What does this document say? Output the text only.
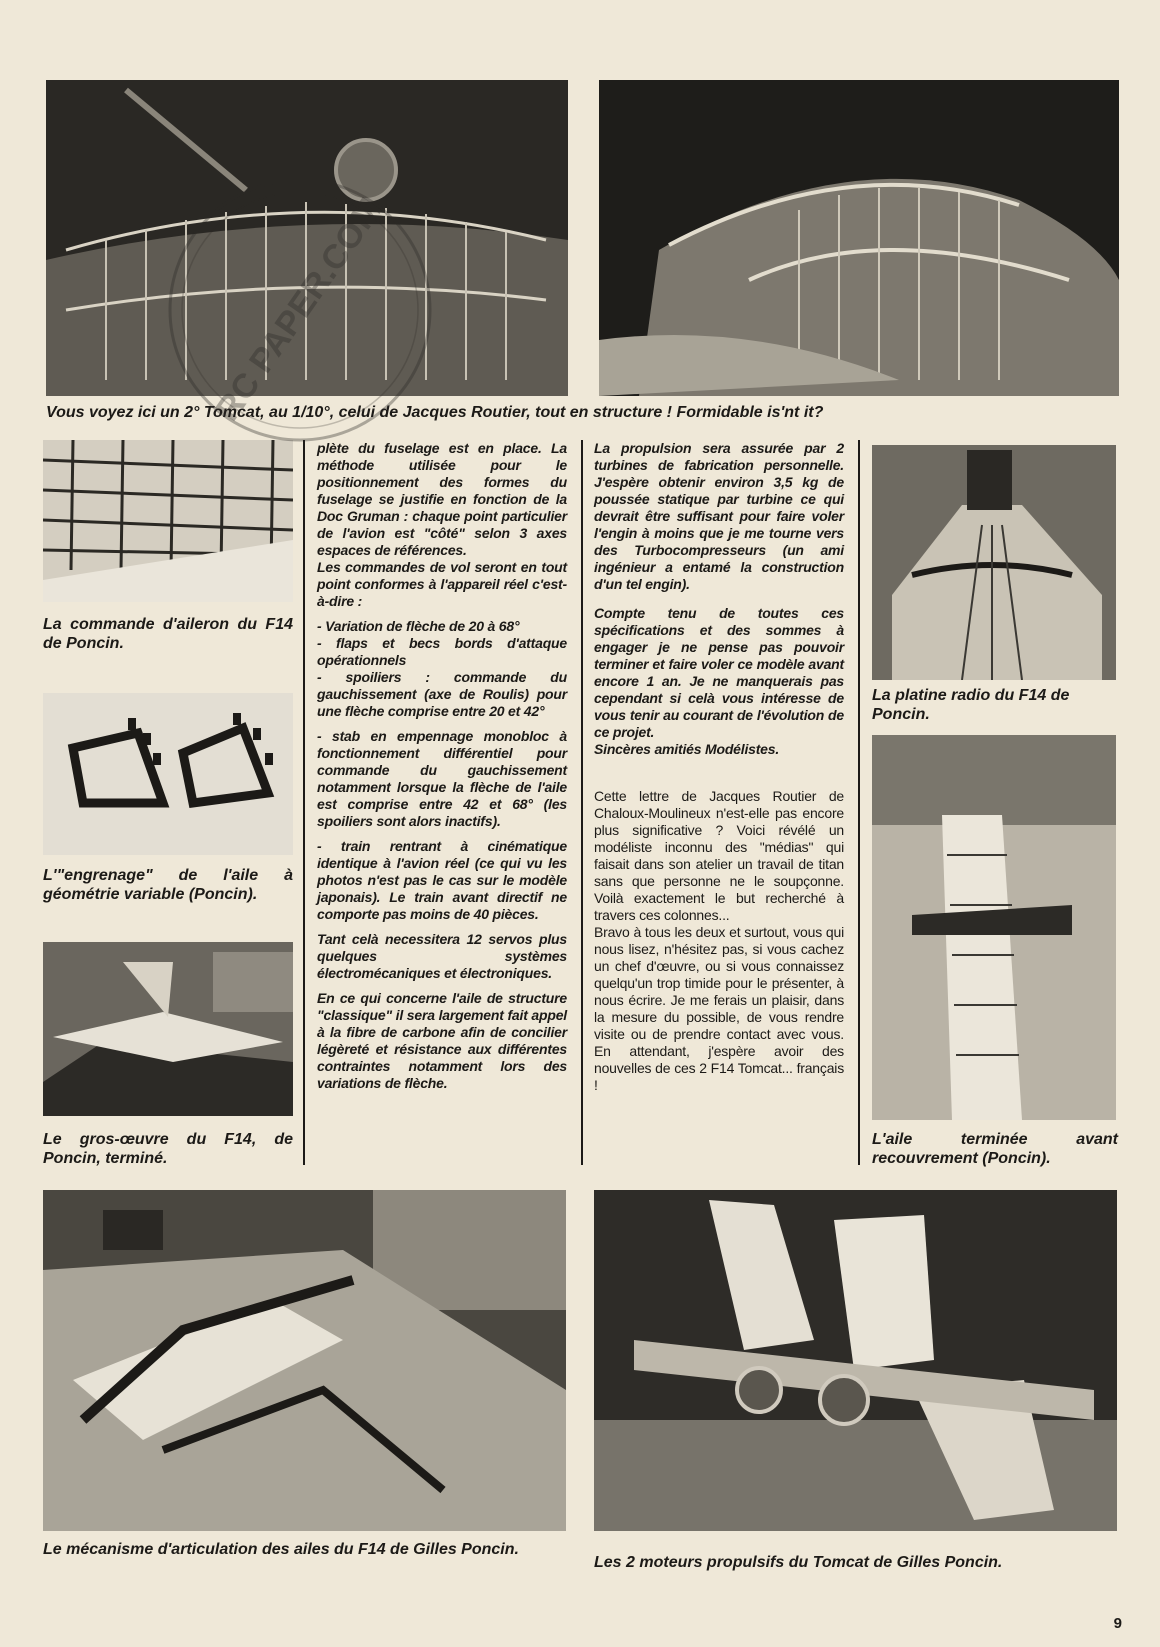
Vous voyez ici un 2° Tomcat, au 1/10°, celui de Jacques Routier, tout en structure ! Formidable is'nt it?
La commande d'aileron du F14 de Poncin.
L'"engrenage" de l'aile à géométrie variable (Poncin).
Le gros-œuvre du F14, de Poncin, terminé.

plète du fuselage est en place. La méthode utilisée pour le positionnement des formes du fuselage se justifie en fonction de la Doc Gruman : chaque point particulier de l'avion est "côté" selon 3 axes espaces de références.

Les commandes de vol seront en tout point conformes à l'appareil réel c'est-à-dire :

- Variation de flèche de 20 à 68°

- flaps et becs bords d'attaque opérationnels

- spoiliers : commande du gauchissement (axe de Roulis) pour une flèche comprise entre 20 et 42°

- stab en empennage monobloc à fonctionnement différentiel pour commande du gauchissement notamment lorsque la flèche de l'aile est comprise entre 42 et 68° (les spoiliers sont alors inactifs).

- train rentrant à cinématique identique à l'avion réel (ce qui vu les photos n'est pas le cas sur le modèle japonais). Le train avant directif ne comporte pas moins de 40 pièces.

Tant celà necessitera 12 servos plus quelques systèmes électromécaniques et électroniques.

En ce qui concerne l'aile de structure "classique" il sera largement fait appel à la fibre de carbone afin de concilier légèreté et résistance aux différentes contraintes notamment lors des variations de flèche.

La propulsion sera assurée par 2 turbines de fabrication personnelle. J'espère obtenir environ 3,5 kg de poussée statique par turbine ce qui devrait être suffisant pour faire voler l'engin à moins que je me tourne vers des Turbocompresseurs (un ami ingénieur a entamé la construction d'un tel engin).

Compte tenu de toutes ces spécifications et des sommes à engager je ne pense pas pouvoir terminer et faire voler ce modèle avant encore 1 an. Je ne manquerais pas cependant si celà vous intéresse de vous tenir au courant de l'évolution de ce projet.

Sincères amitiés Modélistes.

Cette lettre de Jacques Routier de Chaloux-Moulineux n'est-elle pas encore plus significative ? Voici révélé un modéliste inconnu des "médias" qui faisait dans son atelier un travail de titan sans que personne ne le soupçonne. Voilà exactement le but recherché à travers ces colonnes...

Bravo à tous les deux et surtout, vous qui nous lisez, n'hésitez pas, si vous cachez un chef d'œuvre, ou si vous connaissez quelqu'un trop timide pour le présenter, à nous écrire. Je me ferais un plaisir, dans la mesure du possible, de vous rendre visite ou de prendre contact avec vous. En attendant, j'espère avoir des nouvelles de ces 2 F14 Tomcat... français !

La platine radio du F14 de Poncin.
L'aile terminée avant recouvrement (Poncin).
Le mécanisme d'articulation des ailes du F14 de Gilles Poncin.
Les 2 moteurs propulsifs du Tomcat de Gilles Poncin.
9
RC PAPER.COM
